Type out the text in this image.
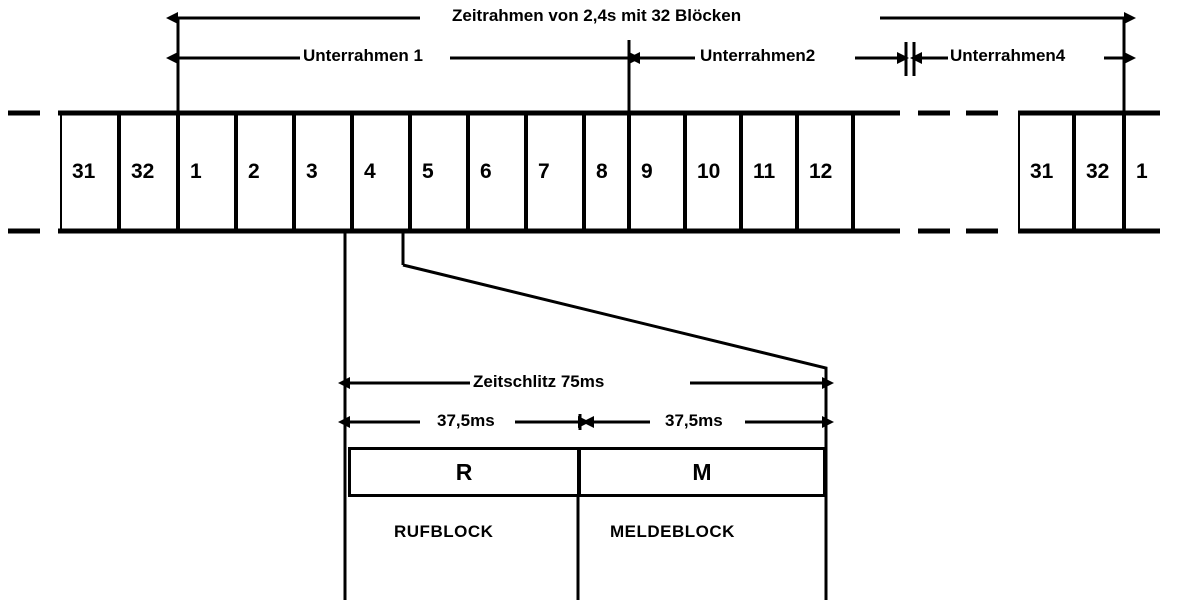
Zeitrahmen von 2,4s mit 32 Blöcken
Unterrahmen 1	Unterrahmen2	Unterrahmen4
31	32	1	2	3	4	5	6	7	8	9	10	11	12	31	32	1
Zeitschlitz 75ms
37,5ms	37,5ms
R	M
RUFBLOCK	MELDEBLOCK
